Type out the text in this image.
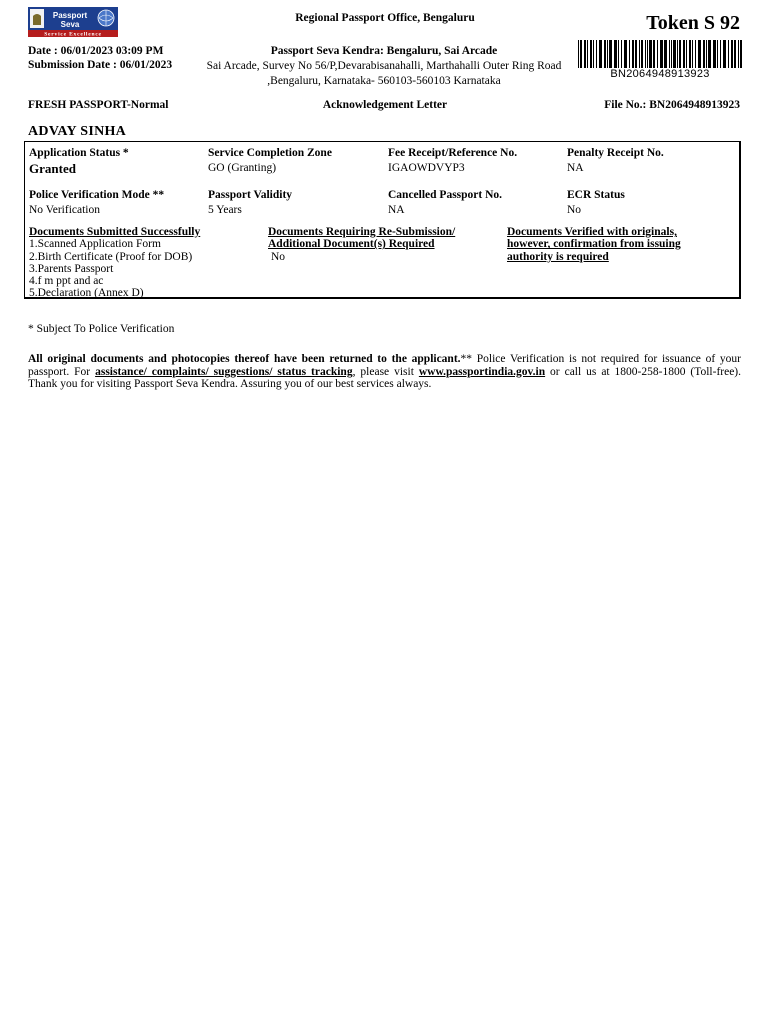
Passport
Seva
Service Excellence
Regional Passport Office, Bengaluru	Token S 92
Date : 06/01/2023 03:09 PM
Submission Date : 06/01/2023
Passport Seva Kendra: Bengaluru, Sai Arcade
Sai Arcade, Survey No 56/P,Devarabisanahalli, Marthahalli Outer Ring Road ,Bengaluru, Karnataka- 560103-560103 Karnataka
BN2064948913923
FRESH PASSPORT-Normal	Acknowledgement Letter	File No.: BN2064948913923
ADVAY SINHA
Application Status *
Granted
Service Completion Zone
GO (Granting)
Fee Receipt/Reference No.
IGAOWDVYP3
Penalty Receipt No.
NA
Police Verification Mode **
No Verification
Passport Validity
5 Years
Cancelled Passport No.
NA
ECR Status
No
Documents Submitted Successfully
1.Scanned Application Form
2.Birth Certificate (Proof for DOB)
3.Parents Passport
4.f m ppt and ac
5.Declaration (Annex D)
Documents Requiring Re-Submission/
Additional Document(s) Required
No
Documents Verified with originals,
however, confirmation from issuing
authority is required
* Subject To Police Verification
All original documents and photocopies thereof have been returned to the applicant.** Police Verification is not required for issuance of your passport. For assistance/ complaints/ suggestions/ status tracking, please visit www.passportindia.gov.in or call us at 1800-258-1800 (Toll-free). Thank you for visiting Passport Seva Kendra. Assuring you of our best services always.
